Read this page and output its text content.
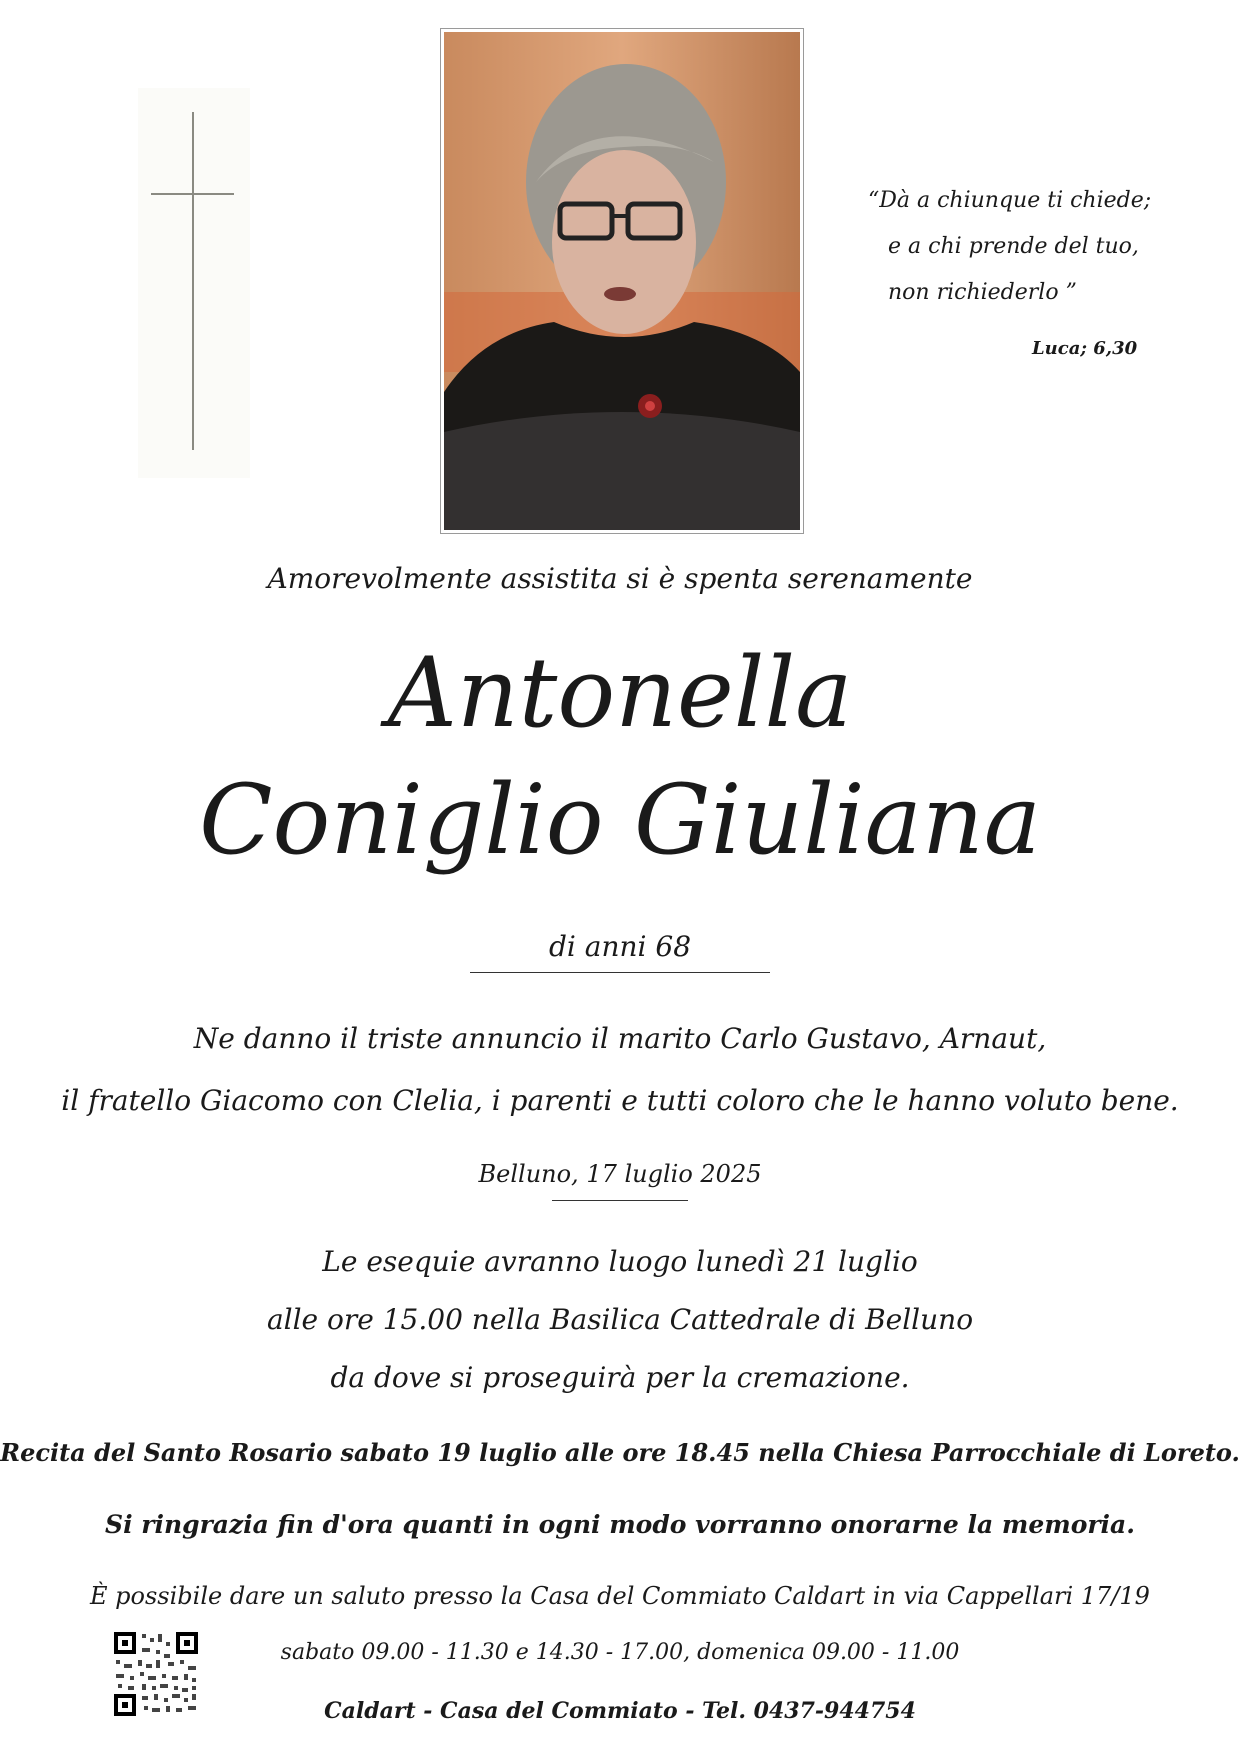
“Dà a chiunque ti chiede;
e a chi prende del tuo,
non richiederlo ”
Luca; 6,30
Amorevolmente assistita si è spenta serenamente
Antonella
Coniglio Giuliana
di anni 68
Ne danno il triste annuncio il marito Carlo Gustavo, Arnaut,
il fratello Giacomo con Clelia, i parenti e tutti coloro che le hanno voluto bene.
Belluno, 17 luglio 2025
Le esequie avranno luogo lunedì 21 luglio
alle ore 15.00 nella Basilica Cattedrale di Belluno
da dove si proseguirà per la cremazione.
Recita del Santo Rosario sabato 19 luglio alle ore 18.45 nella Chiesa Parrocchiale di Loreto.
Si ringrazia fin d'ora quanti in ogni modo vorranno onorarne la memoria.
È possibile dare un saluto presso la Casa del Commiato Caldart in via Cappellari 17/19
sabato 09.00 - 11.30 e 14.30 - 17.00, domenica 09.00 - 11.00
Caldart - Casa del Commiato - Tel. 0437-944754
